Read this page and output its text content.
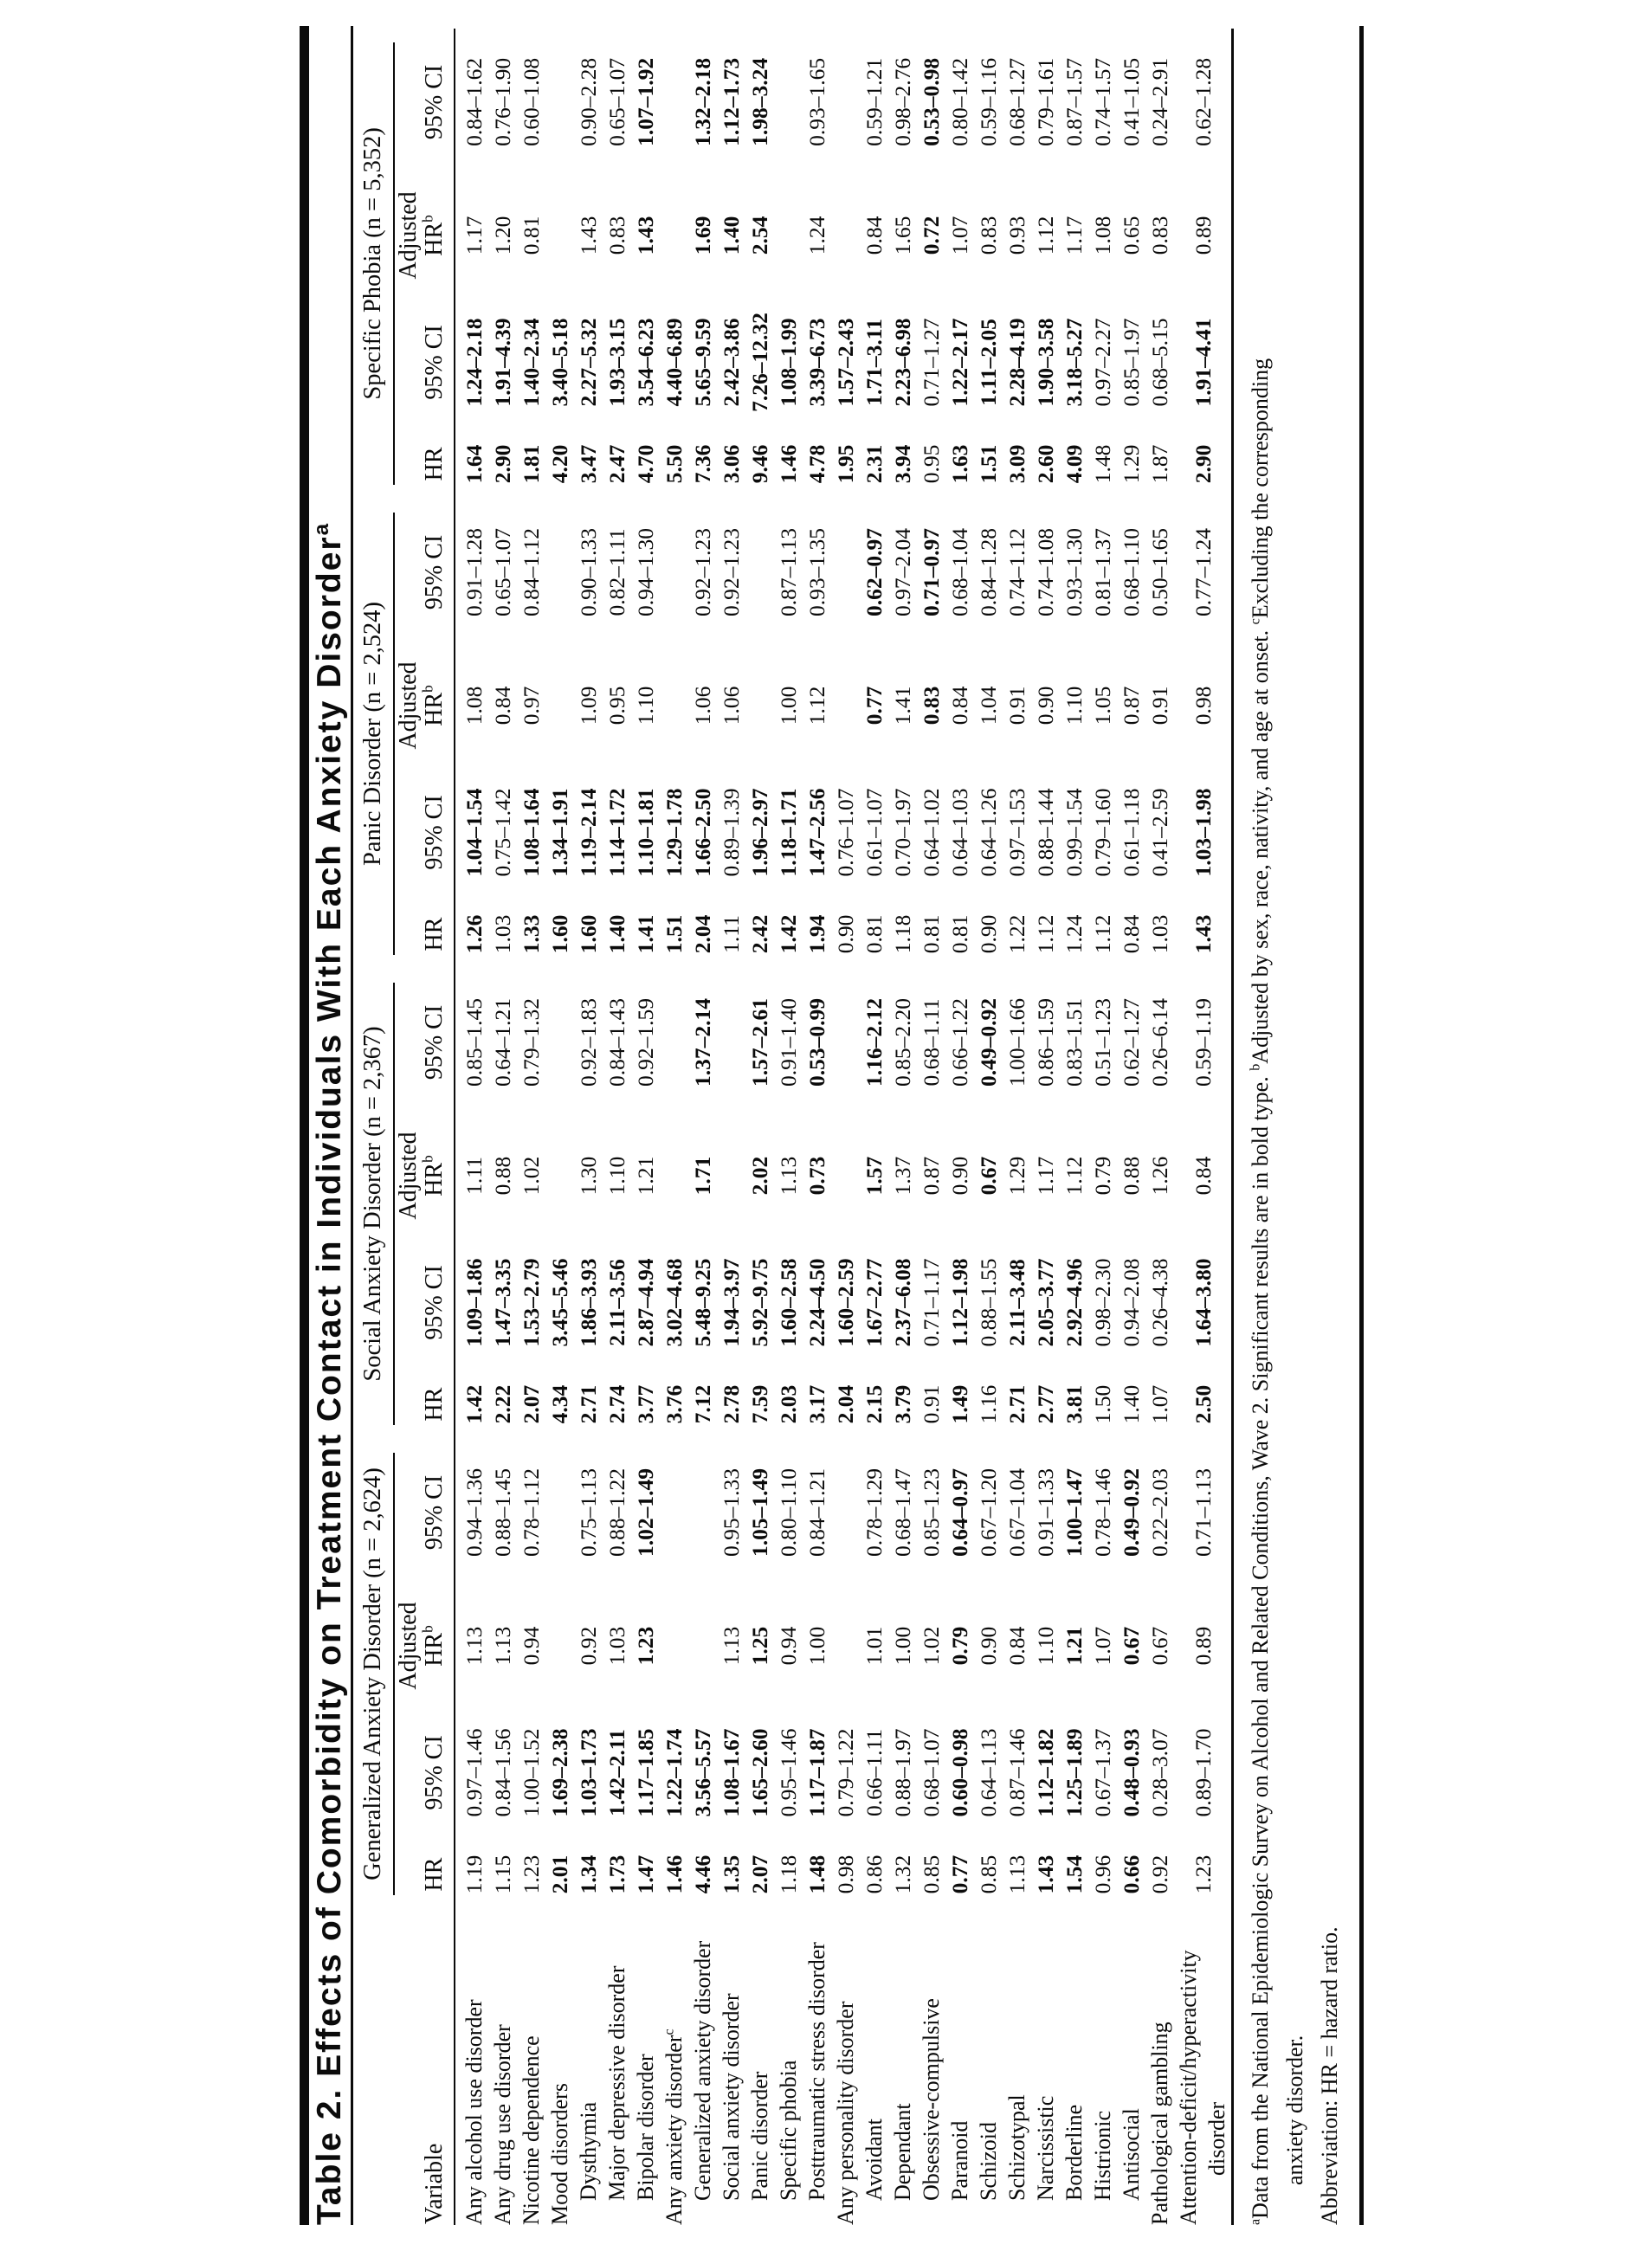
Table 2. Effects of Comorbidity on Treatment Contact in Individuals With Each Anxiety Disorder$^a$

	Generalized Anxiety Disorder (n = 2,624)				Social Anxiety Disorder (n = 2,367)				Panic Disorder (n = 2,524)				Specific Phobia (n = 5,352)			

Variable	HR	95% CI	Adjusted
$HR^b$	95% CI	HR	95% CI	Adjusted
$HR^b$	95% CI	HR	95% CI	Adjusted
$HR^b$	95% CI	HR	95% CI	Adjusted
$HR^b$	95% CI
Any alcohol use disorder	1.19	0.97–1.46	1.13	0.94–1.36	1.42	1.09–1.86	1.11	0.85–1.45	1.26	1.04–1.54	1.08	0.91–1.28	1.64	1.24–2.18	1.17	0.84–1.62
Any drug use disorder	1.15	0.84–1.56	1.13	0.88–1.45	2.22	1.47–3.35	0.88	0.64–1.21	1.03	0.75–1.42	0.84	0.65–1.07	2.90	1.91–4.39	1.20	0.76–1.90
Nicotine dependence	1.23	1.00–1.52	0.94	0.78–1.12	2.07	1.53–2.79	1.02	0.79–1.32	1.33	1.08–1.64	0.97	0.84–1.12	1.81	1.40–2.34	0.81	0.60–1.08
Mood disorders	2.01	1.69–2.38			4.34	3.45–5.46			1.60	1.34–1.91			4.20	3.40–5.18		
Dysthymia	1.34	1.03–1.73	0.92	0.75–1.13	2.71	1.86–3.93	1.30	0.92–1.83	1.60	1.19–2.14	1.09	0.90–1.33	3.47	2.27–5.32	1.43	0.90–2.28
Major depressive disorder	1.73	1.42–2.11	1.03	0.88–1.22	2.74	2.11–3.56	1.10	0.84–1.43	1.40	1.14–1.72	0.95	0.82–1.11	2.47	1.93–3.15	0.83	0.65–1.07
Bipolar disorder	1.47	1.17–1.85	1.23	1.02–1.49	3.77	2.87–4.94	1.21	0.92–1.59	1.41	1.10–1.81	1.10	0.94–1.30	4.70	3.54–6.23	1.43	1.07–1.92
Any anxiety disorder$^c$	1.46	1.22–1.74			3.76	3.02–4.68			1.51	1.29–1.78			5.50	4.40–6.89		
Generalized anxiety disorder	4.46	3.56–5.57			7.12	5.48–9.25	1.71	1.37–2.14	2.04	1.66–2.50	1.06	0.92–1.23	7.36	5.65–9.59	1.69	1.32–2.18
Social anxiety disorder	1.35	1.08–1.67	1.13	0.95–1.33	2.78	1.94–3.97			1.11	0.89–1.39	1.06	0.92–1.23	3.06	2.42–3.86	1.40	1.12–1.73
Panic disorder	2.07	1.65–2.60	1.25	1.05–1.49	7.59	5.92–9.75	2.02	1.57–2.61	2.42	1.96–2.97			9.46	7.26–12.32	2.54	1.98–3.24
Specific phobia	1.18	0.95–1.46	0.94	0.80–1.10	2.03	1.60–2.58	1.13	0.91–1.40	1.42	1.18–1.71	1.00	0.87–1.13	1.46	1.08–1.99		
Posttraumatic stress disorder	1.48	1.17–1.87	1.00	0.84–1.21	3.17	2.24–4.50	0.73	0.53–0.99	1.94	1.47–2.56	1.12	0.93–1.35	4.78	3.39–6.73	1.24	0.93–1.65
Any personality disorder	0.98	0.79–1.22			2.04	1.60–2.59			0.90	0.76–1.07			1.95	1.57–2.43		
Avoidant	0.86	0.66–1.11	1.01	0.78–1.29	2.15	1.67–2.77	1.57	1.16–2.12	0.81	0.61–1.07	0.77	0.62–0.97	2.31	1.71–3.11	0.84	0.59–1.21
Dependant	1.32	0.88–1.97	1.00	0.68–1.47	3.79	2.37–6.08	1.37	0.85–2.20	1.18	0.70–1.97	1.41	0.97–2.04	3.94	2.23–6.98	1.65	0.98–2.76
Obsessive-compulsive	0.85	0.68–1.07	1.02	0.85–1.23	0.91	0.71–1.17	0.87	0.68–1.11	0.81	0.64–1.02	0.83	0.71–0.97	0.95	0.71–1.27	0.72	0.53–0.98
Paranoid	0.77	0.60–0.98	0.79	0.64–0.97	1.49	1.12–1.98	0.90	0.66–1.22	0.81	0.64–1.03	0.84	0.68–1.04	1.63	1.22–2.17	1.07	0.80–1.42
Schizoid	0.85	0.64–1.13	0.90	0.67–1.20	1.16	0.88–1.55	0.67	0.49–0.92	0.90	0.64–1.26	1.04	0.84–1.28	1.51	1.11–2.05	0.83	0.59–1.16
Schizotypal	1.13	0.87–1.46	0.84	0.67–1.04	2.71	2.11–3.48	1.29	1.00–1.66	1.22	0.97–1.53	0.91	0.74–1.12	3.09	2.28–4.19	0.93	0.68–1.27
Narcissistic	1.43	1.12–1.82	1.10	0.91–1.33	2.77	2.05–3.77	1.17	0.86–1.59	1.12	0.88–1.44	0.90	0.74–1.08	2.60	1.90–3.58	1.12	0.79–1.61
Borderline	1.54	1.25–1.89	1.21	1.00–1.47	3.81	2.92–4.96	1.12	0.83–1.51	1.24	0.99–1.54	1.10	0.93–1.30	4.09	3.18–5.27	1.17	0.87–1.57
Histrionic	0.96	0.67–1.37	1.07	0.78–1.46	1.50	0.98–2.30	0.79	0.51–1.23	1.12	0.79–1.60	1.05	0.81–1.37	1.48	0.97–2.27	1.08	0.74–1.57
Antisocial	0.66	0.48–0.93	0.67	0.49–0.92	1.40	0.94–2.08	0.88	0.62–1.27	0.84	0.61–1.18	0.87	0.68–1.10	1.29	0.85–1.97	0.65	0.41–1.05
Pathological gambling	0.92	0.28–3.07	0.67	0.22–2.03	1.07	0.26–4.38	1.26	0.26–6.14	1.03	0.41–2.59	0.91	0.50–1.65	1.87	0.68–5.15	0.83	0.24–2.91
Attention-deficit/hyperactivity disorder	1.23	0.89–1.70	0.89	0.71–1.13	2.50	1.64–3.80	0.84	0.59–1.19	1.43	1.03–1.98	0.98	0.77–1.24	2.90	1.91–4.41	0.89	0.62–1.28
$^a$Data from the National Epidemiologic Survey on Alcohol and Related Conditions, Wave 2. Significant results are in bold type. $^b$Adjusted by sex, race, nativity, and age at onset. $^c$Excluding the corresponding
anxiety disorder. Abbreviation: HR = hazard ratio.
